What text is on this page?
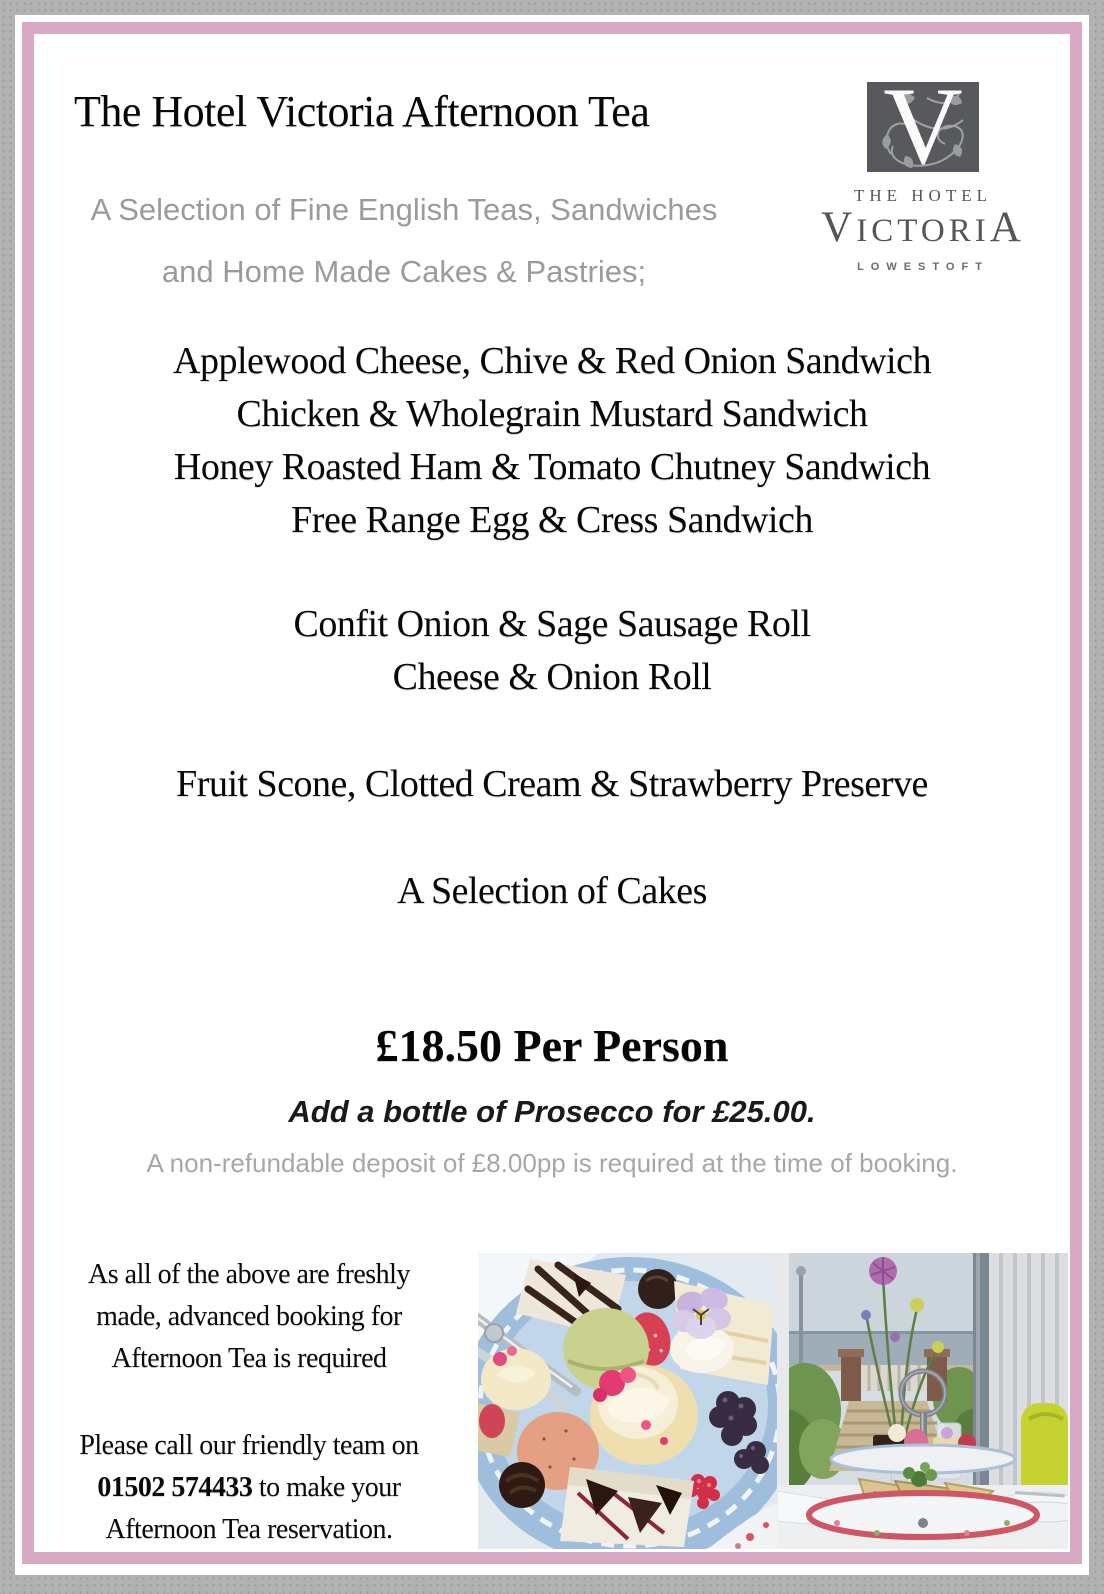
The Hotel Victoria Afternoon Tea V
THE HOTEL
VICTORIA
LOWESTOFT
A Selection of Fine English Teas, Sandwiches
and Home Made Cakes & Pastries;
Applewood Cheese, Chive & Red Onion Sandwich
Chicken & Wholegrain Mustard Sandwich
Honey Roasted Ham & Tomato Chutney Sandwich
Free Range Egg & Cress Sandwich
Confit Onion & Sage Sausage Roll
Cheese & Onion Roll
Fruit Scone, Clotted Cream & Strawberry Preserve
A Selection of Cakes

£18.50 Per Person

Add a bottle of Prosecco for £25.00.
A non-refundable deposit of £8.00pp is required at the time of booking.
As all of the above are freshly
made, advanced booking for
Afternoon Tea is required
Please call our friendly team on
01502 574433 to make your
Afternoon Tea reservation.
